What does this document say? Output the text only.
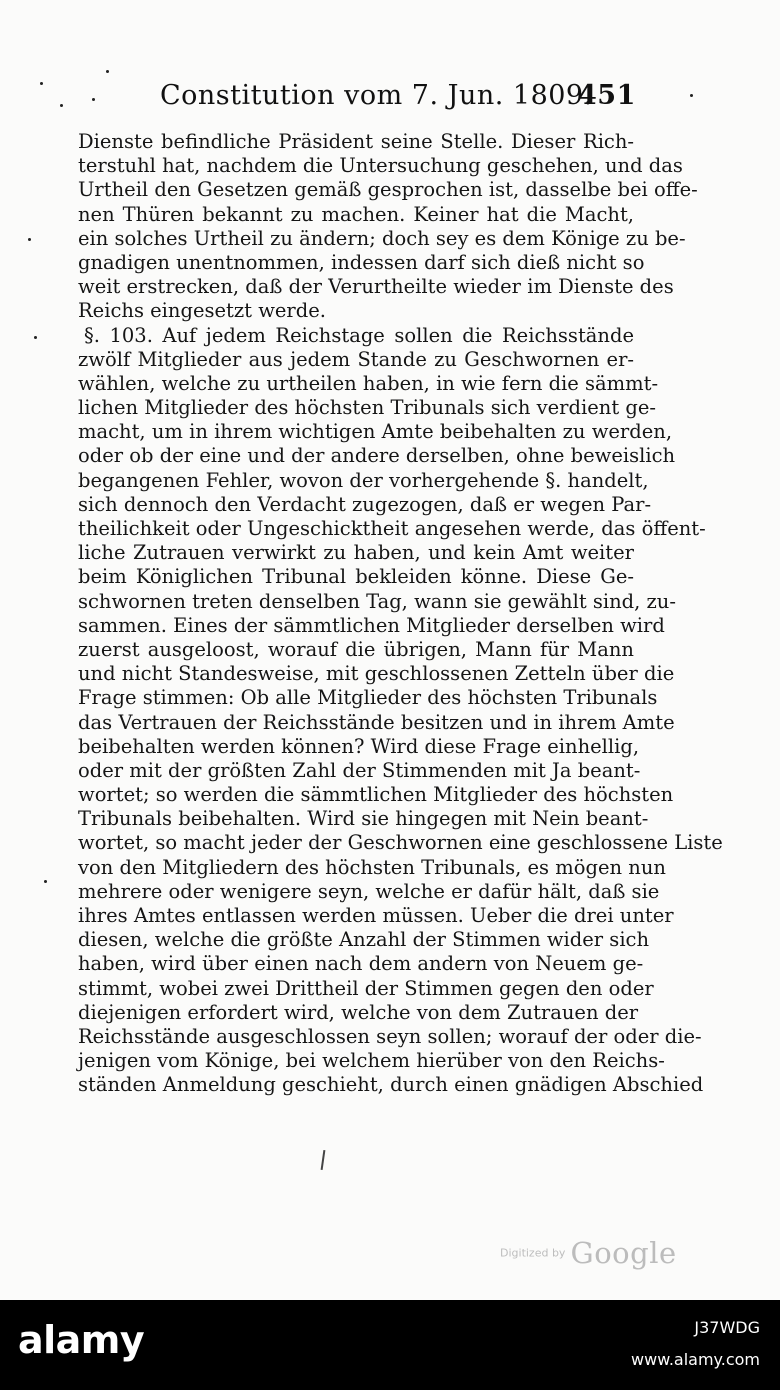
Constitution vom 7. Jun. 1809.
451
Dienste befindliche Präsident seine Stelle. Dieser Rich-
terstuhl hat, nachdem die Untersuchung geschehen, und das
Urtheil den Gesetzen gemäß gesprochen ist, dasselbe bei offe-
nen Thüren bekannt zu machen. Keiner hat die Macht,
ein solches Urtheil zu ändern; doch sey es dem Könige zu be-
gnadigen unentnommen, indessen darf sich dieß nicht so
weit erstrecken, daß der Verurtheilte wieder im Dienste des
Reichs eingesetzt werde.
§. 103. Auf jedem Reichstage sollen die Reichsstände
zwölf Mitglieder aus jedem Stande zu Geschwornen er-
wählen, welche zu urtheilen haben, in wie fern die sämmt-
lichen Mitglieder des höchsten Tribunals sich verdient ge-
macht, um in ihrem wichtigen Amte beibehalten zu werden,
oder ob der eine und der andere derselben, ohne beweislich
begangenen Fehler, wovon der vorhergehende §. handelt,
sich dennoch den Verdacht zugezogen, daß er wegen Par-
theilichkeit oder Ungeschicktheit angesehen werde, das öffent-
liche Zutrauen verwirkt zu haben, und kein Amt weiter
beim Königlichen Tribunal bekleiden könne. Diese Ge-
schwornen treten denselben Tag, wann sie gewählt sind, zu-
sammen. Eines der sämmtlichen Mitglieder derselben wird
zuerst ausgeloost, worauf die übrigen, Mann für Mann
und nicht Standesweise, mit geschlossenen Zetteln über die
Frage stimmen: Ob alle Mitglieder des höchsten Tribunals
das Vertrauen der Reichsstände besitzen und in ihrem Amte
beibehalten werden können? Wird diese Frage einhellig,
oder mit der größten Zahl der Stimmenden mit Ja beant-
wortet; so werden die sämmtlichen Mitglieder des höchsten
Tribunals beibehalten. Wird sie hingegen mit Nein beant-
wortet, so macht jeder der Geschwornen eine geschlossene Liste
von den Mitgliedern des höchsten Tribunals, es mögen nun
mehrere oder wenigere seyn, welche er dafür hält, daß sie
ihres Amtes entlassen werden müssen. Ueber die drei unter
diesen, welche die größte Anzahl der Stimmen wider sich
haben, wird über einen nach dem andern von Neuem ge-
stimmt, wobei zwei Drittheil der Stimmen gegen den oder
diejenigen erfordert wird, welche von dem Zutrauen der
Reichsstände ausgeschlossen seyn sollen; worauf der oder die-
jenigen vom Könige, bei welchem hierüber von den Reichs-
ständen Anmeldung geschieht, durch einen gnädigen Abschied
Digitized by Google
alamy	J37WDG
www.alamy.com
